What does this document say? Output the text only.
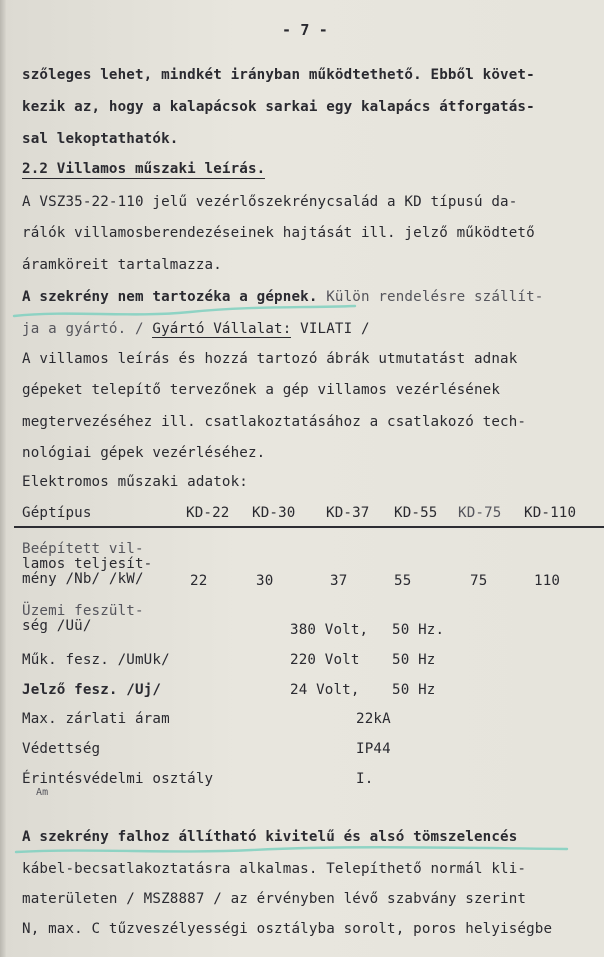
- 7 -
szőleges lehet, mindkét irányban működtethető. Ebből követ-
kezik az, hogy a kalapácsok sarkai egy kalapács átforgatás-
sal lekoptathatók.
2.2 Villamos műszaki leírás.
A VSZ35-22-110 jelű vezérlőszekrénycsalád a KD típusú da-
rálók villamosberendezéseinek hajtását ill. jelző működtető
áramköreit tartalmazza.
A szekrény nem tartozéka a gépnek. Külön rendelésre szállít-
ja a gyártó. / Gyártó Vállalat: VILATI /
A villamos leírás és hozzá tartozó ábrák utmutatást adnak
gépeket telepítő tervezőnek a gép villamos vezérlésének
megtervezéséhez ill. csatlakoztatásához a csatlakozó tech-
nológiai gépek vezérléséhez.
Elektromos műszaki adatok:
Géptípus	KD-22 KD-30 KD-37 KD-55 KD-75 KD-110
Beépített vil-
lamos teljesít-
mény /Nb/ /kW/	22	30	37	55	75	110
Üzemi feszült-
ség /Uü/	380 Volt, 50 Hz.
Műk. fesz. /UmUk/	220 Volt 50 Hz
Jelző fesz. /Uj/	24 Volt, 50 Hz
Max. zárlati áram	22kA
Védettség	IP44
Érintésvédelmi osztály	I.
Am
A szekrény falhoz állítható kivitelű és alsó tömszelencés
kábel-becsatlakoztatásra alkalmas. Telepíthető normál kli-
materületen / MSZ8887 / az érvényben lévő szabvány szerint
N, max. C tűzveszélyességi osztályba sorolt, poros helyiségbe
